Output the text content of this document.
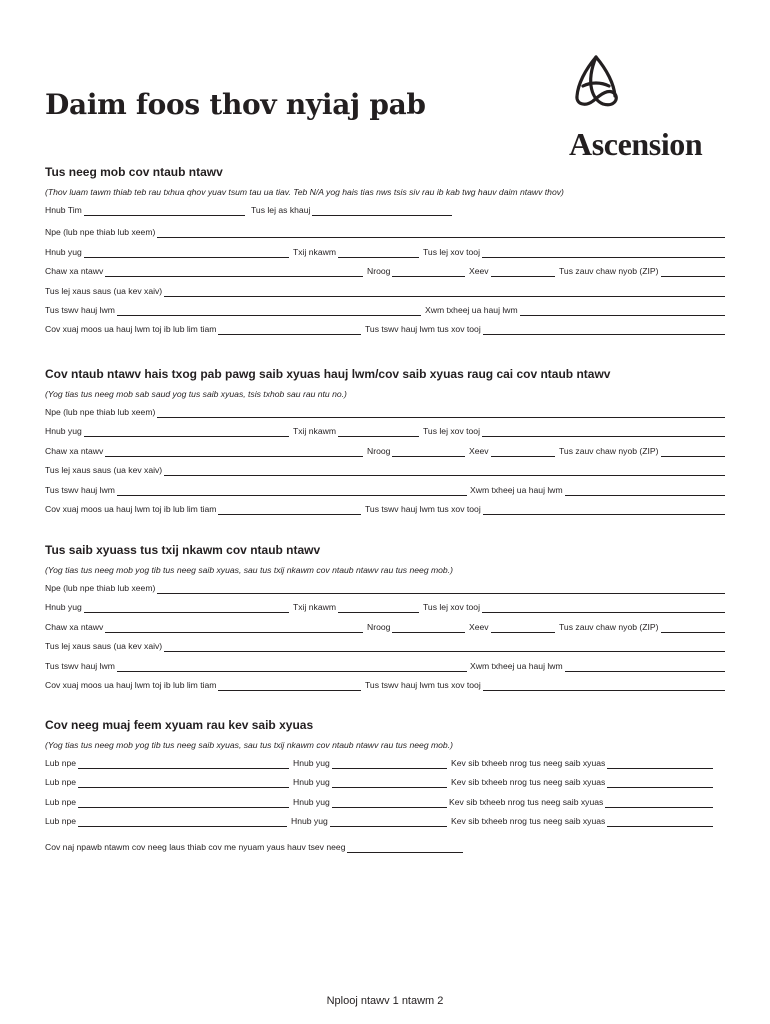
Daim foos thov nyiaj pab
Ascension
Tus neeg mob cov ntaub ntawv
(Thov luam tawm thiab teb rau txhua qhov yuav tsum tau ua tiav. Teb N/A yog hais tias nws tsis siv rau ib kab twg hauv daim ntawv thov)
Hnub Tim	Tus lej as khauj
Npe (lub npe thiab lub xeem)
Hnub yug	Txij nkawm	Tus lej xov tooj
Chaw xa ntawv	Nroog	Xeev	Tus zauv chaw nyob (ZIP)
Tus lej xaus saus (ua kev xaiv)
Tus tswv hauj lwm	Xwm txheej ua hauj lwm
Cov xuaj moos ua hauj lwm toj ib lub lim tiam	Tus tswv hauj lwm tus xov tooj
Cov ntaub ntawv hais txog pab pawg saib xyuas hauj lwm/cov saib xyuas raug cai cov ntaub ntawv
(Yog tias tus neeg mob sab saud yog tus saib xyuas, tsis txhob sau rau ntu no.)
Npe (lub npe thiab lub xeem)
Hnub yug	Txij nkawm	Tus lej xov tooj
Chaw xa ntawv	Nroog	Xeev	Tus zauv chaw nyob (ZIP)
Tus lej xaus saus (ua kev xaiv)
Tus tswv hauj lwm	Xwm txheej ua hauj lwm
Cov xuaj moos ua hauj lwm toj ib lub lim tiam	Tus tswv hauj lwm tus xov tooj
Tus saib xyuass tus txij nkawm cov ntaub ntawv
(Yog tias tus neeg mob yog tib tus neeg saib xyuas, sau tus txij nkawm cov ntaub ntawv rau tus neeg mob.)
Npe (lub npe thiab lub xeem)
Hnub yug	Txij nkawm	Tus lej xov tooj
Chaw xa ntawv	Nroog	Xeev	Tus zauv chaw nyob (ZIP)
Tus lej xaus saus (ua kev xaiv)
Tus tswv hauj lwm	Xwm txheej ua hauj lwm
Cov xuaj moos ua hauj lwm toj ib lub lim tiam	Tus tswv hauj lwm tus xov tooj
Cov neeg muaj feem xyuam rau kev saib xyuas
(Yog tias tus neeg mob yog tib tus neeg saib xyuas, sau tus txij nkawm cov ntaub ntawv rau tus neeg mob.)
Lub npe	Hnub yug	Kev sib txheeb nrog tus neeg saib xyuas
Lub npe	Hnub yug	Kev sib txheeb nrog tus neeg saib xyuas
Lub npe	Hnub yug	Kev sib txheeb nrog tus neeg saib xyuas
Lub npe	Hnub yug	Kev sib txheeb nrog tus neeg saib xyuas
Cov naj npawb ntawm cov neeg laus thiab cov me nyuam yaus hauv tsev neeg
Nplooj ntawv 1 ntawm 2
